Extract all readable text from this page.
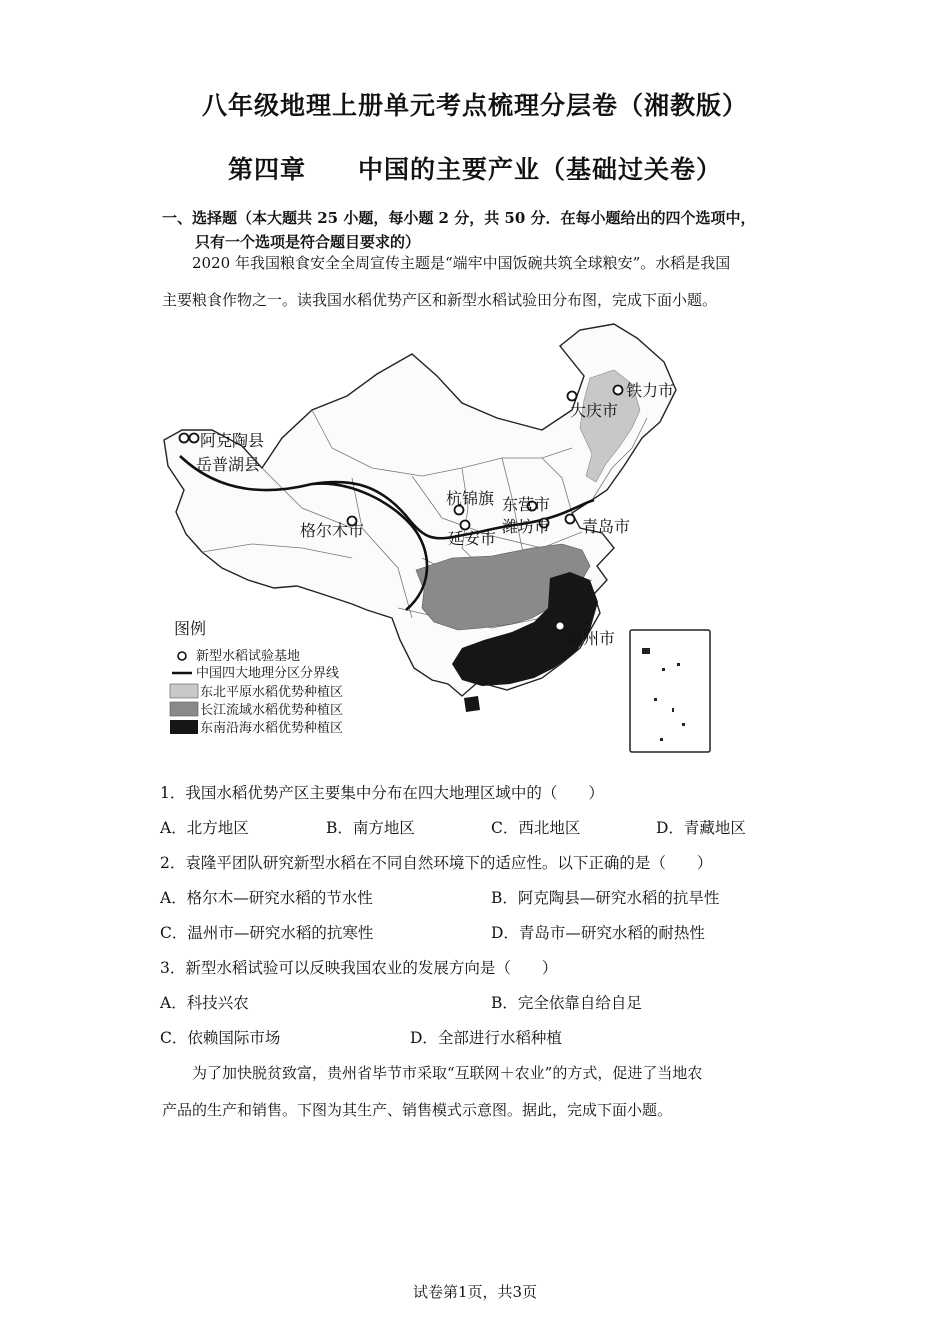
八年级地理上册单元考点梳理分层卷（湘教版）
第四章 中国的主要产业（基础过关卷）
一、选择题（本大题共 25 小题，每小题 2 分，共 50 分．在每小题给出的四个选项中，
只有一个选项是符合题目要求的）
2020 年我国粮食安全全周宣传主题是“端牢中国饭碗共筑全球粮安”。水稻是我国
主要粮食作物之一。读我国水稻优势产区和新型水稻试验田分布图，完成下面小题。
铁力市
大庆市
阿克陶县
岳普湖县
格尔木市
杭锦旗 东营市
潍坊市 青岛市
延安市
温州市
图例
新型水稻试验基地
中国四大地理分区分界线
东北平原水稻优势种植区
长江流域水稻优势种植区
东南沿海水稻优势种植区
1．我国水稻优势产区主要集中分布在四大地理区域中的（　　）
A．北方地区	B．南方地区	C．西北地区	D．青藏地区
2．袁隆平团队研究新型水稻在不同自然环境下的适应性。以下正确的是（　　）
A．格尔木—研究水稻的节水性	B．阿克陶县—研究水稻的抗旱性
C．温州市—研究水稻的抗寒性	D．青岛市—研究水稻的耐热性
3．新型水稻试验可以反映我国农业的发展方向是（　　）
A．科技兴农	B．完全依靠自给自足
C．依赖国际市场	D．全部进行水稻种植
为了加快脱贫致富，贵州省毕节市采取“互联网＋农业”的方式，促进了当地农
产品的生产和销售。下图为其生产、销售模式示意图。据此，完成下面小题。
试卷第1页，共3页
